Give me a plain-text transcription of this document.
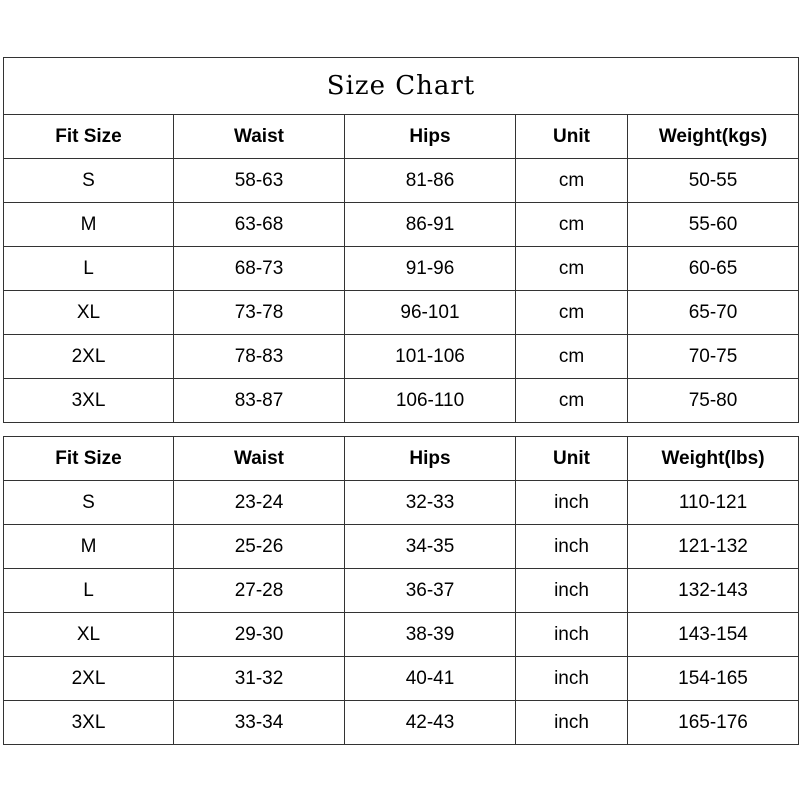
Size Chart				
Fit Size	Waist	Hips	Unit	Weight(kgs)
S	58-63	81-86	cm	50-55
M	63-68	86-91	cm	55-60
L	68-73	91-96	cm	60-65
XL	73-78	96-101	cm	65-70
2XL	78-83	101-106	cm	70-75
3XL	83-87	106-110	cm	75-80
Fit Size	Waist	Hips	Unit	Weight(lbs)
S	23-24	32-33	inch	110-121
M	25-26	34-35	inch	121-132
L	27-28	36-37	inch	132-143
XL	29-30	38-39	inch	143-154
2XL	31-32	40-41	inch	154-165
3XL	33-34	42-43	inch	165-176
